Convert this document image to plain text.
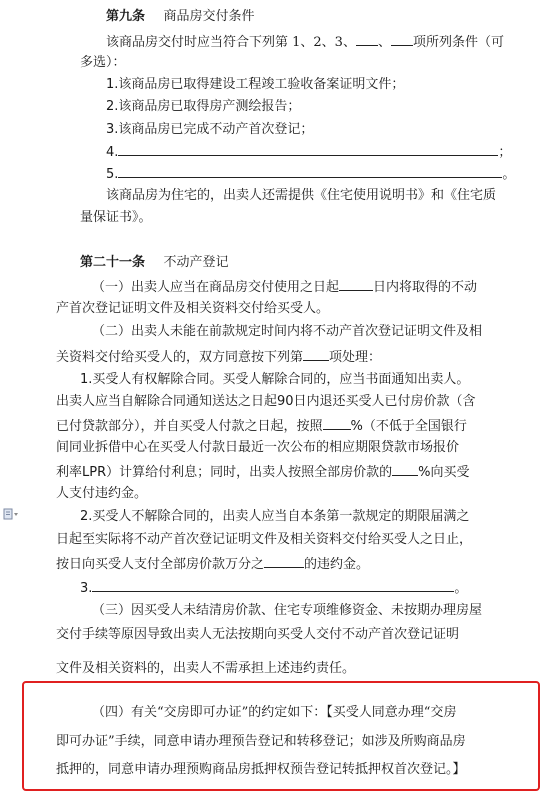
第九条 商品房交付条件
该商品房交付时应当符合下列第 1、2、3、 、 项所列条件（可
多选）：
1.该商品房已取得建设工程竣工验收备案证明文件；
2.该商品房已取得房产测绘报告；
3.该商品房已完成不动产首次登记；
4.	；
5.	。
该商品房为住宅的，出卖人还需提供《住宅使用说明书》和《住宅质
量保证书》。
第二十一条 不动产登记
（一）出卖人应当在商品房交付使用之日起	日内将取得的不动
产首次登记证明文件及相关资料交付给买受人。
（二）出卖人未能在前款规定时间内将不动产首次登记证明文件及相
关资料交付给买受人的，双方同意按下列第 项处理：
1.买受人有权解除合同。买受人解除合同的，应当书面通知出卖人。
出卖人应当自解除合同通知送达之日起90日内退还买受人已付房价款（含
已付贷款部分），并自买受人付款之日起，按照 %（不低于全国银行
间同业拆借中心在买受人付款日最近一次公布的相应期限贷款市场报价
利率LPR）计算给付利息；同时，出卖人按照全部房价款的 %向买受
人支付违约金。
2.买受人不解除合同的，出卖人应当自本条第一款规定的期限届满之
日起至实际将不动产首次登记证明文件及相关资料交付给买受人之日止，
按日向买受人支付全部房价款万分之	的违约金。
3.	。
（三）因买受人未结清房价款、住宅专项维修资金、未按期办理房屋
交付手续等原因导致出卖人无法按期向买受人交付不动产首次登记证明
文件及相关资料的，出卖人不需承担上述违约责任。
（四）有关“交房即可办证”的约定如下：【买受人同意办理“交房
即可办证”手续，同意申请办理预告登记和转移登记；如涉及所购商品房
抵押的，同意申请办理预购商品房抵押权预告登记转抵押权首次登记。】
